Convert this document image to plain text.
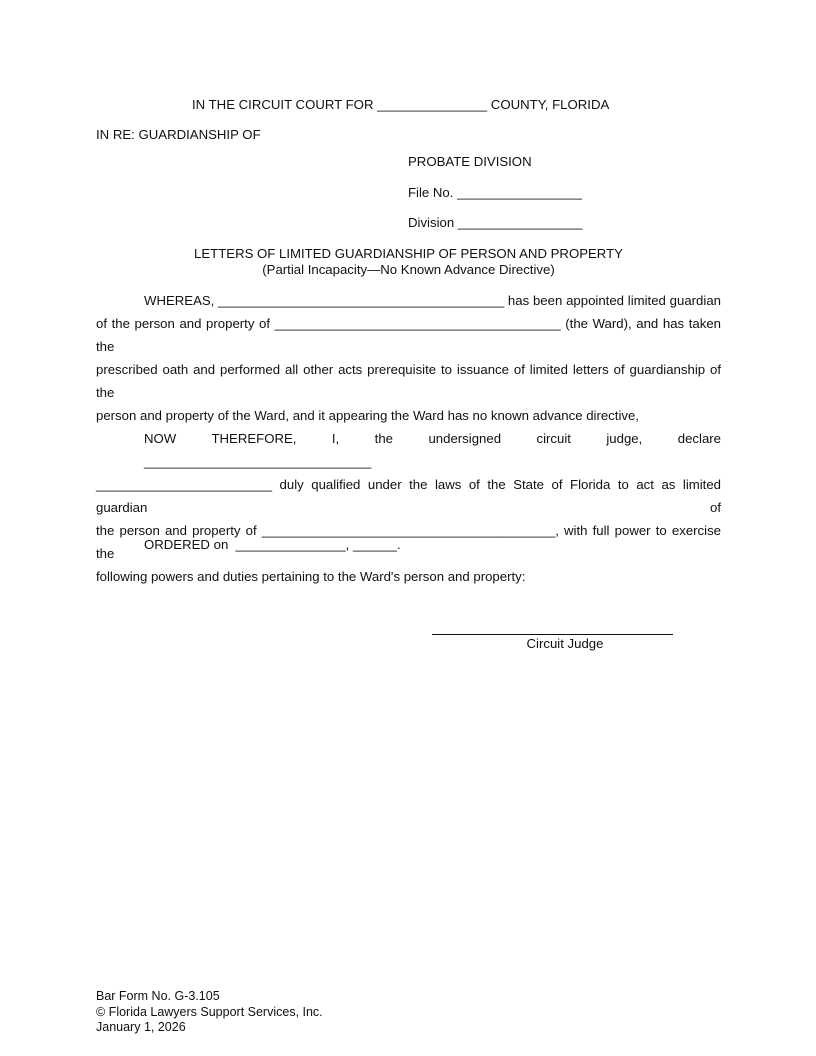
IN THE CIRCUIT COURT FOR _______________ COUNTY, FLORIDA

IN RE: GUARDIANSHIP OF

PROBATE DIVISION

File No. _________________

Division _________________

LETTERS OF LIMITED GUARDIANSHIP OF PERSON AND PROPERTY

(Partial Incapacity—No Known Advance Directive)

WHEREAS, _______________________________________ has been appointed limited guardian
of the person and property of _______________________________________ (the Ward), and has taken the
prescribed oath and performed all other acts prerequisite to issuance of limited letters of guardianship of the
person and property of the Ward, and it appearing the Ward has no known advance directive,
NOW THEREFORE, I, the undersigned circuit judge, declare _______________________________
________________________ duly qualified under the laws of the State of Florida to act as limited guardian of
the person and property of ________________________________________, with full power to exercise the
following powers and duties pertaining to the Ward's person and property:

ORDERED on  _______________, ______.

Circuit Judge

Bar Form No. G-3.105
© Florida Lawyers Support Services, Inc.
January 1, 2026
